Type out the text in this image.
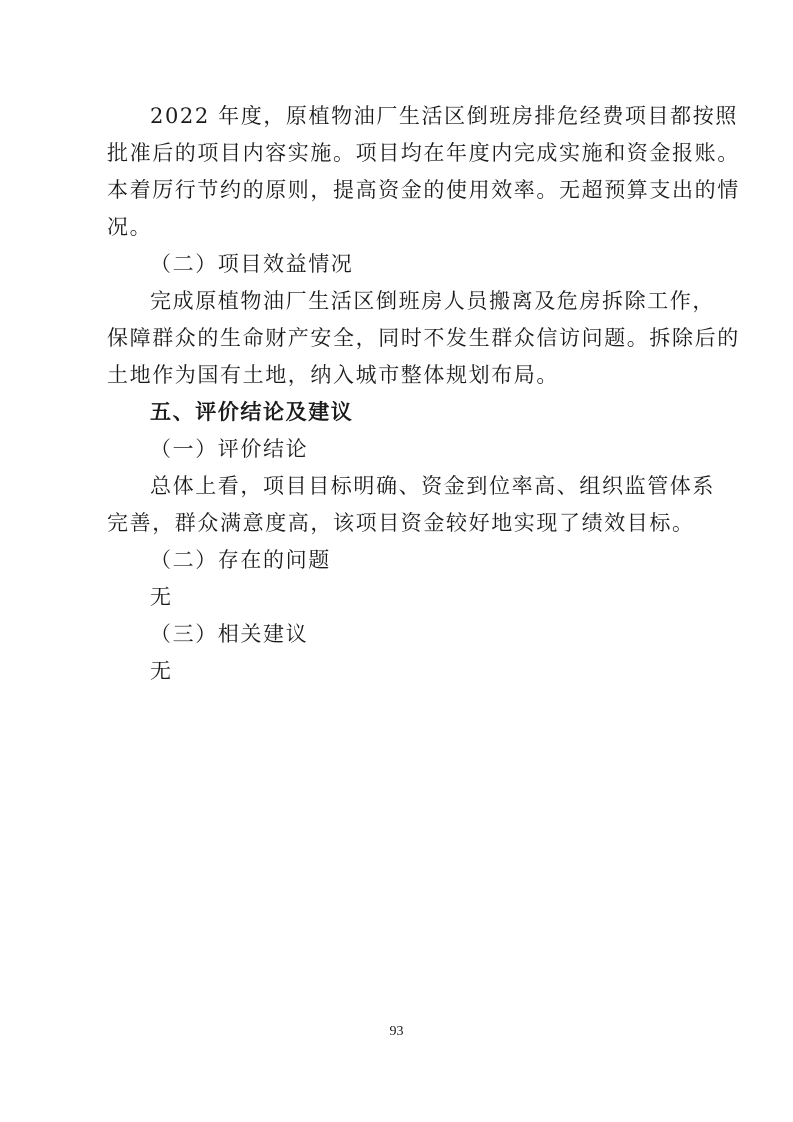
2022 年度，原植物油厂生活区倒班房排危经费项目都按照
批准后的项目内容实施。项目均在年度内完成实施和资金报账。
本着厉行节约的原则，提高资金的使用效率。无超预算支出的情
况。
（二）项目效益情况
完成原植物油厂生活区倒班房人员搬离及危房拆除工作，
保障群众的生命财产安全，同时不发生群众信访问题。拆除后的
土地作为国有土地，纳入城市整体规划布局。
五、评价结论及建议
（一）评价结论
总体上看，项目目标明确、资金到位率高、组织监管体系
完善，群众满意度高，该项目资金较好地实现了绩效目标。
（二）存在的问题
无
（三）相关建议
无
93
